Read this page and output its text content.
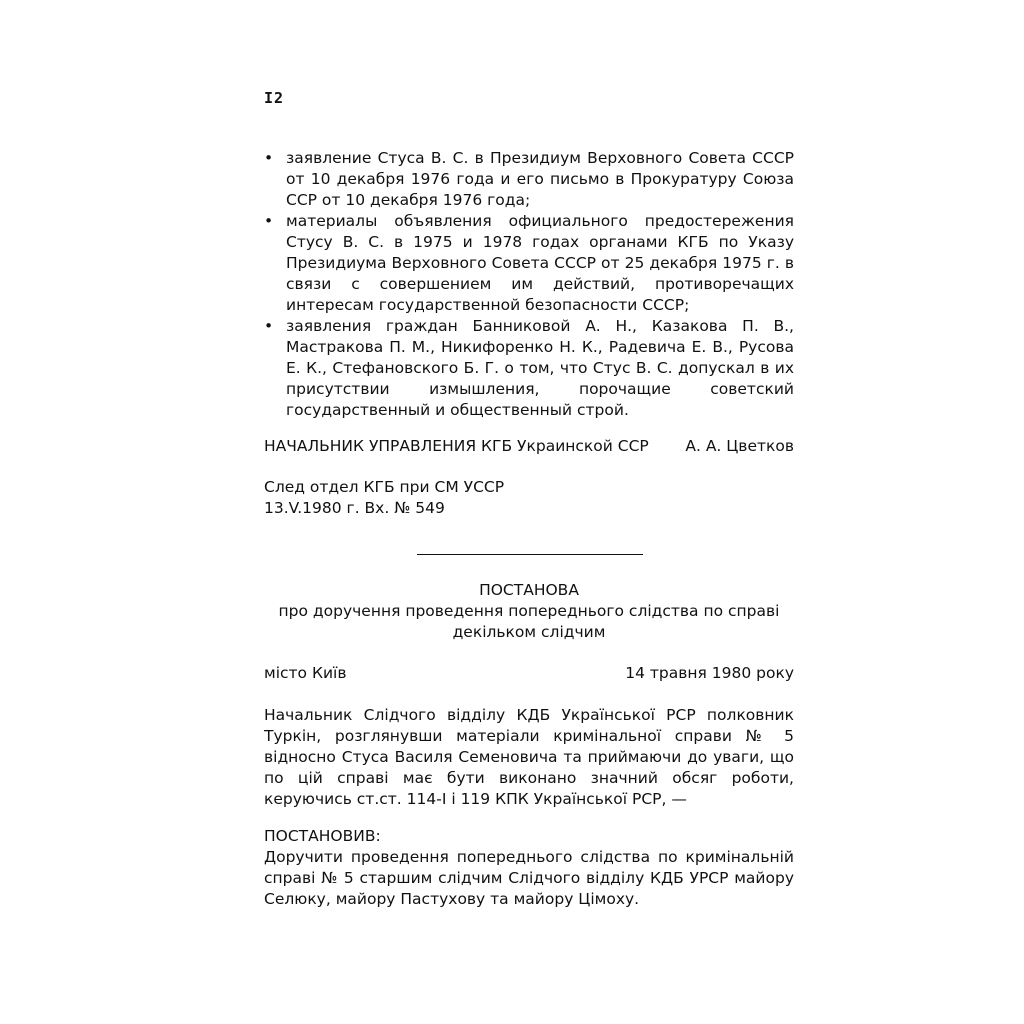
I2
• заявление Стуса В. С. в Президиум Верховного Совета СССР от 10 декабря 1976 года и его письмо в Прокуратуру Союза ССР от 10 декабря 1976 года;
• материалы объявления официального предостережения Стусу В. С. в 1975 и 1978 годах органами КГБ по Указу Президиума Верховного Совета СССР от 25 декабря 1975 г. в связи с совершением им действий, противоречащих интересам государственной безопасности СССР;
• заявления граждан Банниковой А. Н., Казакова П. В., Мастракова П. М., Никифоренко Н. К., Радевича Е. В., Русова Е. К., Стефановского Б. Г. о том, что Стус В. С. допускал в их присутствии измышления, порочащие советский государственный и общественный строй.
НАЧАЛЬНИК УПРАВЛЕНИЯ КГБ Украинской ССР А. А. Цветков
След отдел КГБ при СМ УССР
13.V.1980 г. Вх. № 549
ПОСТАНОВА
про доручення проведення попереднього слідства по справі
декільком слідчим
місто Київ	14 травня 1980 року
Начальник Слідчого відділу КДБ Української РСР полковник Туркін, розглянувши матеріали кримінальної справи № 5 відносно Стуса Василя Семеновича та приймаючи до уваги, що по цій справі має бути виконано значний обсяг роботи, керуючись ст.ст. 114-І і 119 КПК Української РСР, —
ПОСТАНОВИВ:
Доручити проведення попереднього слідства по кримінальній справі № 5 старшим слідчим Слідчого відділу КДБ УРСР майору Селюку, майору Пастухову та майору Цімоху.
